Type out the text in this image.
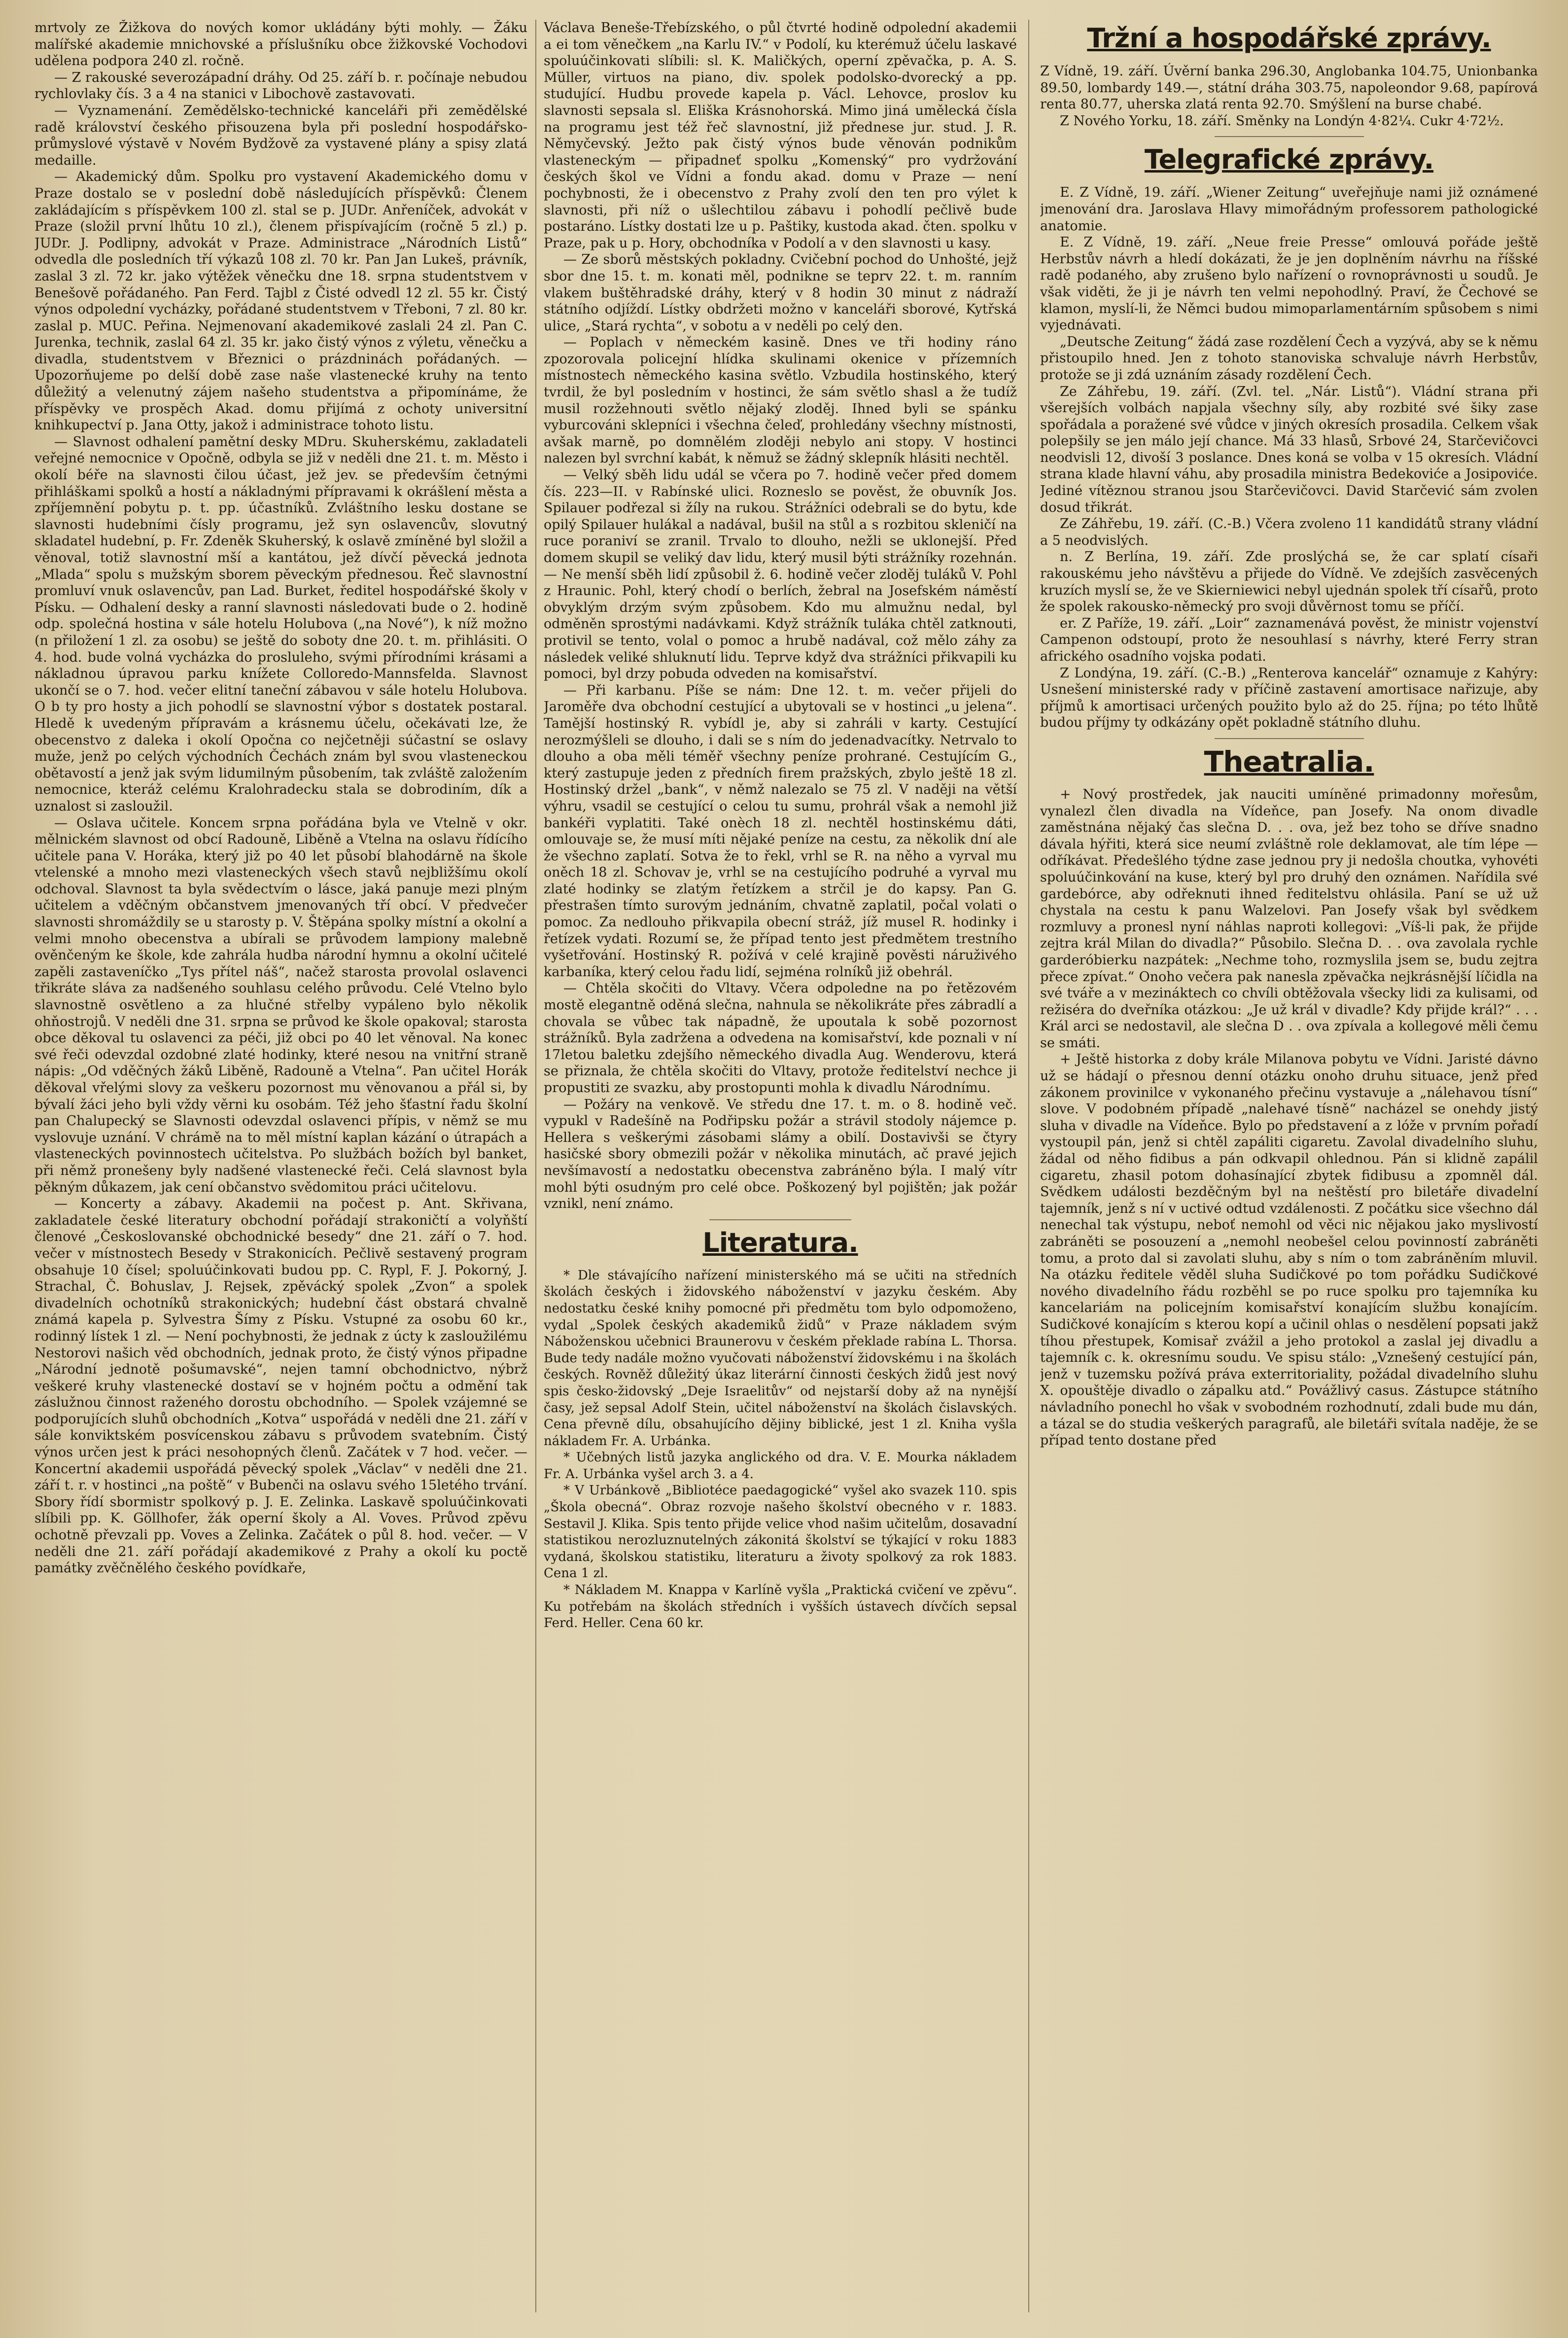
mrtvoly ze Žižkova do nových komor ukládány býti mohly. — Žáku malířské akademie mnichovské a příslušníku obce žižkovské Vochodovi udělena podpora 240 zl. ročně.

— Z rakouské severozápadní dráhy. Od 25. září b. r. počínaje nebudou rychlovlaky čís. 3 a 4 na stanici v Libochově zastavovati.

— Vyznamenání. Zemědělsko-technické kanceláři při zemědělské radě království českého přisouzena byla při poslední hospodářsko-průmyslové výstavě v Novém Bydžově za vystavené plány a spisy zlatá medaille.

— Akademický dům. Spolku pro vystavení Akademického domu v Praze dostalo se v poslední době následujících příspěvků: Členem zakládajícím s příspěvkem 100 zl. stal se p. JUDr. Anřeníček, advokát v Praze (složil první lhůtu 10 zl.), členem přispívajícím (ročně 5 zl.) p. JUDr. J. Podlipny, advokát v Praze. Administrace „Národních Listů“ odvedla dle posledních tří výkazů 108 zl. 70 kr. Pan Jan Lukeš, právník, zaslal 3 zl. 72 kr. jako výtěžek věnečku dne 18. srpna studentstvem v Benešově pořádaného. Pan Ferd. Tajbl z Čisté odvedl 12 zl. 55 kr. Čistý výnos odpolední vycházky, pořádané studentstvem v Třeboni, 7 zl. 80 kr. zaslal p. MUC. Peřina. Nejmenovaní akademikové zaslali 24 zl. Pan C. Jurenka, technik, zaslal 64 zl. 35 kr. jako čistý výnos z výletu, věnečku a divadla, studentstvem v Březnici o prázdninách pořádaných. — Upozorňujeme po delší době zase naše vlastenecké kruhy na tento důležitý a velenutný zájem našeho studentstva a připomínáme, že příspěvky ve prospěch Akad. domu přijímá z ochoty universitní knihkupectví p. Jana Otty, jakož i administrace tohoto listu.

— Slavnost odhalení pamětní desky MDru. Skuherskému, zakladateli veřejné nemocnice v Opočně, odbyla se již v neděli dne 21. t. m. Město i okolí béře na slavnosti čilou účast, jež jev. se především četnými přihláškami spolků a hostí a nákladnými přípravami k okrášlení města a zpříjemnění pobytu p. t. pp. účastníků. Zvláštního lesku dostane se slavnosti hudebními čísly programu, jež syn oslavencův, slovutný skladatel hudební, p. Fr. Zdeněk Skuherský, k oslavě zmíněné byl složil a věnoval, totiž slavnostní mší a kantátou, jež dívčí pěvecká jednota „Mlada“ spolu s mužským sborem pěveckým přednesou. Řeč slavnostní promluví vnuk oslavencův, pan Lad. Burket, ředitel hospodářské školy v Písku. — Odhalení desky a ranní slavnosti následovati bude o 2. hodině odp. společná hostina v sále hotelu Holubova („na Nové“), k níž možno (n přiložení 1 zl. za osobu) se ještě do soboty dne 20. t. m. přihlásiti. O 4. hod. bude volná vycházka do prosluleho, svými přírodními krásami a nákladnou úpravou parku knížete Colloredo-Mannsfelda. Slavnost ukončí se o 7. hod. večer elitní taneční zábavou v sále hotelu Holubova. O b ty pro hosty a jich pohodlí se slavnostní výbor s dostatek postaral. Hledě k uvedeným přípravám a krásnemu účelu, očekávati lze, že obecenstvo z daleka i okolí Opočna co nejčetněji súčastní se oslavy muže, jenž po celých východních Čechách znám byl svou vlasteneckou obětavostí a jenž jak svým lidumilným působením, tak zvláště založením nemocnice, kteráž celému Kralohradecku stala se dobrodiním, dík a uznalost si zasloužil.

— Oslava učitele. Koncem srpna pořádána byla ve Vtelně v okr. mělnickém slavnost od obcí Radouně, Liběně a Vtelna na oslavu řídícího učitele pana V. Horáka, který již po 40 let působí blahodárně na škole vtelenské a mnoho mezi vlasteneckých všech stavů nejbližšímu okolí odchoval. Slavnost ta byla svědectvím o lásce, jaká panuje mezi plným učitelem a vděčným občanstvem jmenovaných tří obcí. V předvečer slavnosti shromáždily se u starosty p. V. Štěpána spolky místní a okolní a velmi mnoho obecenstva a ubírali se průvodem lampiony malebně ověnčeným ke škole, kde zahrála hudba národní hymnu a okolní učitelé zapěli zastaveníčko „Tys přítel náš“, načež starosta provolal oslavenci třikráte sláva za nadšeného souhlasu celého průvodu. Celé Vtelno bylo slavnostně osvětleno a za hlučné střelby vypáleno bylo několik ohňostrojů. V neděli dne 31. srpna se průvod ke škole opakoval; starosta obce děkoval tu oslavenci za péči, již obci po 40 let věnoval. Na konec své řeči odevzdal ozdobné zlaté hodinky, které nesou na vnitřní straně nápis: „Od vděčných žáků Liběně, Radouně a Vtelna“. Pan učitel Horák děkoval vřelými slovy za veškeru pozornost mu věnovanou a přál si, by bývalí žáci jeho byli vždy věrni ku osobám. Též jeho šťastní řadu školní pan Chalupecký se Slavnosti odevzdal oslavenci přípis, v němž se mu vyslovuje uznání. V chrámě na to měl místní kaplan kázání o útrapách a vlasteneckých povinnostech učitelstva. Po službách božích byl banket, při němž pronešeny byly nadšené vlastenecké řeči. Celá slavnost byla pěkným důkazem, jak cení občanstvo svědomitou práci učitelovu.

— Koncerty a zábavy. Akademii na počest p. Ant. Skřivana, zakladatele české literatury obchodní pořádají strakoničtí a volyňští členové „Českoslovanské obchodnické besedy“ dne 21. září o 7. hod. večer v místnostech Besedy v Strakonicích. Pečlivě sestavený program obsahuje 10 čísel; spoluúčinkovati budou pp. C. Rypl, F. J. Pokorný, J. Strachal, Č. Bohuslav, J. Rejsek, zpěvácký spolek „Zvon“ a spolek divadelních ochotníků strakonických; hudební část obstará chvalně známá kapela p. Sylvestra Šímy z Písku. Vstupné za osobu 60 kr., rodinný lístek 1 zl. — Není pochybnosti, že jednak z úcty k zasloužilému Nestorovi našich věd obchodních, jednak proto, že čistý výnos připadne „Národní jednotě pošumavské“, nejen tamní obchodnictvo, nýbrž veškeré kruhy vlastenecké dostaví se v hojném počtu a odmění tak záslužnou činnost raženého dorostu obchodního. — Spolek vzájemné se podporujících sluhů obchodních „Kotva“ uspořádá v neděli dne 21. září v sále konviktském posvícenskou zábavu s průvodem svatebním. Čistý výnos určen jest k práci nesohopných členů. Začátek v 7 hod. večer. — Koncertní akademii uspořádá pěvecký spolek „Václav“ v neděli dne 21. září t. r. v hostinci „na poště“ v Bubenči na oslavu svého 15letého trvání. Sbory řídí sbormistr spolkový p. J. E. Zelinka. Laskavě spoluúčinkovati slíbili pp. K. Göllhofer, žák operní školy a Al. Voves. Průvod zpěvu ochotně převzali pp. Voves a Zelinka. Začátek o půl 8. hod. večer. — V neděli dne 21. září pořádají akademikové z Prahy a okolí ku poctě památky zvěčnělého českého povídkaře,

Václava Beneše-Třebízského, o půl čtvrté hodině odpolední akademii a ei tom věnečkem „na Karlu IV.“ v Podolí, ku kterémuž účelu laskavé spoluúčinkovati slíbili: sl. K. Maličkých, operní zpěvačka, p. A. S. Müller, virtuos na piano, div. spolek podolsko-dvorecký a pp. studující. Hudbu provede kapela p. Václ. Lehovce, proslov ku slavnosti sepsala sl. Eliška Krásnohorská. Mimo jiná umělecká čísla na programu jest též řeč slavnostní, již přednese jur. stud. J. R. Němyčevský. Ježto pak čistý výnos bude věnován podnikům vlasteneckým — připadneť spolku „Komenský“ pro vydržování českých škol ve Vídni a fondu akad. domu v Praze — není pochybnosti, že i obecenstvo z Prahy zvolí den ten pro výlet k slavnosti, při níž o ušlechtilou zábavu i pohodlí pečlivě bude postaráno. Lístky dostati lze u p. Paštiky, kustoda akad. čten. spolku v Praze, pak u p. Hory, obchodníka v Podolí a v den slavnosti u kasy.

— Ze sborů městských pokladny. Cvičební pochod do Unhošté, jejž sbor dne 15. t. m. konati měl, podnikne se teprv 22. t. m. ranním vlakem buštěhradské dráhy, který v 8 hodin 30 minut z nádraží státního odjíždí. Lístky obdržeti možno v kanceláři sborové, Kytřská ulice, „Stará rychta“, v sobotu a v neděli po celý den.

— Poplach v německém kasině. Dnes ve tři hodiny ráno zpozorovala policejní hlídka skulinami okenice v přízemních místnostech německého kasina světlo. Vzbudila hostinského, který tvrdil, že byl posledním v hostinci, že sám světlo shasl a že tudíž musil rozžehnouti světlo nějaký zloděj. Ihned byli se spánku vyburcováni sklepníci i všechna čeleď, prohledány všechny místnosti, avšak marně, po domnělém zloději nebylo ani stopy. V hostinci nalezen byl svrchní kabát, k němuž se žádný sklepník hlásiti nechtěl.

— Velký sběh lidu udál se včera po 7. hodině večer před domem čís. 223—II. v Rabínské ulici. Rozneslo se pověst, že obuvník Jos. Spilauer podřezal si žíly na rukou. Strážníci odebrali se do bytu, kde opilý Spilauer hulákal a nadával, bušil na stůl a s rozbitou skleničí na ruce poraniví se zranil. Trvalo to dlouho, nežli se uklonejší. Před domem skupil se veliký dav lidu, který musil býti strážníky rozehnán. — Ne menší sběh lidí způsobil ž. 6. hodině večer zloděj tuláků V. Pohl z Hraunic. Pohl, který chodí o berlích, žebral na Josefském náměstí obvyklým drzým svým způsobem. Kdo mu almužnu nedal, byl odměněn sprostými nadávkami. Když strážník tuláka chtěl zatknouti, protivil se tento, volal o pomoc a hrubě nadával, což mělo záhy za následek veliké shluknutí lidu. Teprve když dva strážníci přikvapili ku pomoci, byl drzy pobuda odveden na komisařství.

— Při karbanu. Píše se nám: Dne 12. t. m. večer přijeli do Jaroměře dva obchodní cestující a ubytovali se v hostinci „u jelena“. Tamější hostinský R. vybídl je, aby si zahráli v karty. Cestující nerozmýšleli se dlouho, i dali se s ním do jedenadvacítky. Netrvalo to dlouho a oba měli téměř všechny peníze prohrané. Cestujícím G., který zastupuje jeden z předních firem pražských, zbylo ještě 18 zl. Hostinský držel „bank“, v němž nalezalo se 75 zl. V naději na větší výhru, vsadil se cestující o celou tu sumu, prohrál však a nemohl již bankéři vyplatiti. Také onèch 18 zl. nechtěl hostinskému dáti, omlouvaje se, že musí míti nějaké peníze na cestu, za několik dní ale že všechno zaplatí. Sotva že to řekl, vrhl se R. na něho a vyrval mu oněch 18 zl. Schovav je, vrhl se na cestujícího podruhé a vyrval mu zlaté hodinky se zlatým řetízkem a strčil je do kapsy. Pan G. přestrašen tímto surovým jednáním, chvatně zaplatil, počal volati o pomoc. Za nedlouho přikvapila obecní stráž, jíž musel R. hodinky i řetízek vydati. Rozumí se, že případ tento jest předmětem trestního vyšetřování. Hostinský R. požívá v celé krajině pověsti náruživého karbaníka, který celou řadu lidí, sejména rolníků již obehrál.

— Chtěla skočiti do Vltavy. Včera odpoledne na po řetězovém mostě elegantně oděná slečna, nahnula se několikráte přes zábradlí a chovala se vůbec tak nápadně, že upoutala k sobě pozornost strážníků. Byla zadržena a odvedena na komisařství, kde poznali v ní 17letou baletku zdejšího německého divadla Aug. Wenderovu, která se přiznala, že chtěla skočiti do Vltavy, protože ředitelství nechce ji propustiti ze svazku, aby prostopunti mohla k divadlu Národnímu.

— Požáry na venkově. Ve středu dne 17. t. m. o 8. hodině več. vypukl v Radešíně na Podřipsku požár a strávil stodoly nájemce p. Hellera s veškerými zásobami slámy a obilí. Dostavivši se čtyry hasičské sbory obmezili požár v několika minutách, ač pravé jejich nevšímavostí a nedostatku obecenstva zabráněno býla. I malý vítr mohl býti osudným pro celé obce. Poškozený byl pojištěn; jak požár vznikl, není známo.

Literatura.

* Dle stávajícího nařízení ministerského má se učiti na středních školách českých i židovského náboženství v jazyku českém. Aby nedostatku české knihy pomocné při předmětu tom bylo odpomoženo, vydal „Spolek českých akademiků židů“ v Praze nákladem svým Náboženskou učebnici Braunerovu v českém překlade rabína L. Thorsa. Bude tedy nadále možno vyučovati náboženství židovskému i na školách českých. Rovněž důležitý úkaz literární činnosti českých židů jest nový spis česko-židovský „Deje Israelitův“ od nejstarší doby až na nynější časy, jež sepsal Adolf Stein, učitel náboženství na školách čislavských. Cena převně dílu, obsahujícího dějiny biblické, jest 1 zl. Kniha vyšla nákladem Fr. A. Urbánka.

* Učebných listů jazyka anglického od dra. V. E. Mourka nákladem Fr. A. Urbánka vyšel arch 3. a 4.

* V Urbánkově „Bibliotéce paedagogické“ vyšel ako svazek 110. spis „Škola obecná“. Obraz rozvoje našeho školství obecného v r. 1883. Sestavil J. Klika. Spis tento přijde velice vhod našim učitelům, dosavadní statistikou nerozluznutelných zákonitá školství se týkající v roku 1883 vydaná, školskou statistiku, literaturu a životy spolkový za rok 1883. Cena 1 zl.

* Nákladem M. Knappa v Karlíně vyšla „Praktická cvičení ve zpěvu“. Ku potřebám na školách středních i vyšších ústavech dívčích sepsal Ferd. Heller. Cena 60 kr.

Tržní a hospodářské zprávy.

Z Vídně, 19. září. Úvěrní banka 296.30, Anglobanka 104.75, Unionbanka 89.50, lombardy 149.—, státní dráha 303.75, napoleondor 9.68, papírová renta 80.77, uherska zlatá renta 92.70. Smýšlení na burse chabé.

Z Nového Yorku, 18. září. Směnky na Londýn 4·82¼. Cukr 4·72½.

Telegrafické zprávy.

E. Z Vídně, 19. září. „Wiener Zeitung“ uveřejňuje nami již oznámené jmenování dra. Jaroslava Hlavy mimořádným professorem pathologické anatomie.

E. Z Vídně, 19. září. „Neue freie Presse“ omlouvá pořáde ještě Herbstův návrh a hledí dokázati, že je jen doplněním návrhu na říšské radě podaného, aby zrušeno bylo nařízení o rovnoprávnosti u soudů. Je však viděti, že ji je návrh ten velmi nepohodlný. Praví, že Čechové se klamon, myslí-li, že Němci budou mimoparlamentárním spůsobem s nimi vyjednávati.

„Deutsche Zeitung“ žádá zase rozdělení Čech a vyzývá, aby se k němu přistoupilo hned. Jen z tohoto stanoviska schvaluje návrh Herbstův, protože se ji zdá uznáním zásady rozdělení Čech.

Ze Záhřebu, 19. září. (Zvl. tel. „Nár. Listů“). Vládní strana při všerejších volbách napjala všechny síly, aby rozbité své šiky zase spořádala a poražené své vůdce v jiných okresích prosadila. Celkem však polepšily se jen málo její chance. Má 33 hlasů, Srbové 24, Starčevičovci neodvisli 12, divoší 3 poslance. Dnes koná se volba v 15 okresích. Vládní strana klade hlavní váhu, aby prosadila ministra Bedekoviće a Josipoviće. Jediné vítěznou stranou jsou Starčevičovci. David Starčević sám zvolen dosud třikrát.

Ze Záhřebu, 19. září. (C.-B.) Včera zvoleno 11 kandidátů strany vládní a 5 neodvislých.

n. Z Berlína, 19. září. Zde proslýchá se, že car splatí císaři rakouskému jeho návštěvu a přijede do Vídně. Ve zdejších zasvěcených kruzích myslí se, že ve Skierniewici nebyl ujednán spolek tří císařů, proto že spolek rakousko-německý pro svoji důvěrnost tomu se příčí.

er. Z Paříže, 19. září. „Loir“ zaznamenává pověst, že ministr vojenství Campenon odstoupí, proto že nesouhlasí s návrhy, které Ferry stran afrického osadního vojska podati.

Z Londýna, 19. září. (C.-B.) „Renterova kancelář“ oznamuje z Kahýry: Usnešení ministerské rady v příčině zastavení amortisace nařizuje, aby příjmů k amortisaci určených použito bylo až do 25. října; po této lhůtě budou příjmy ty odkázány opět pokladně státního dluhu.

Theatralia.

+ Nový prostředek, jak nauciti umíněné primadonny mořesům, vynalezl člen divadla na Vídeňce, pan Josefy. Na onom divadle zaměstnána nějaký čas slečna D. . . ova, jež bez toho se dříve snadno dávala hýřiti, která sice neumí zvláštně role deklamovat, ale tím lépe — odříkávat. Předešlého týdne zase jednou pry ji nedošla choutka, vyhovéti spoluúčinkování na kuse, který byl pro druhý den oznámen. Nařídila své gardebórce, aby odřeknuti ihned ředitelstvu ohlásila. Paní se už už chystala na cestu k panu Walzelovi. Pan Josefy však byl svědkem rozmluvy a pronesl nyní náhlas naproti kollegovi: „Víš-li pak, že přijde zejtra král Milan do divadla?“ Působilo. Slečna D. . . ova zavolala rychle garderóbierku nazpátek: „Nechme toho, rozmyslila jsem se, budu zejtra přece zpívat.“ Onoho večera pak nanesla zpěvačka nejkrásnější líčidla na své tváře a v mezináktech co chvíli obtěžovala všecky lidi za kulisami, od režiséra do dveřníka otázkou: „Je už král v divadle? Kdy přijde král?“ . . . Král arci se nedostavil, ale slečna D . . ova zpívala a kollegové měli čemu se smáti.

+ Ještě historka z doby krále Milanova pobytu ve Vídni. Jaristé dávno už se hádají o přesnou denní otázku onoho druhu situace, jenž před zákonem provinilce v vykonaného přečinu vystavuje a „nálehavou tísní“ slove. V podobném případě „nalehavé tísně“ nacházel se onehdy jistý sluha v divadle na Vídeňce. Bylo po představení a z lóže v prvním pořadí vystoupil pán, jenž si chtěl zapáliti cigaretu. Zavolal divadelního sluhu, žádal od něho fidibus a pán odkvapil ohlednou. Pán si klidně zapálil cigaretu, zhasil potom dohasínající zbytek fidibusu a zpomněl dál. Svědkem události bezděčným byl na neštěstí pro biletáře divadelní tajemník, jenž s ní v uctivé odtud vzdálenosti. Z počátku sice všechno dál nenechal tak výstupu, neboť nemohl od věci nic nějakou jako myslivostí zabráněti se posouzení a „nemohl neobešel celou povinností zabráněti tomu, a proto dal si zavolati sluhu, aby s ním o tom zabráněním mluvil. Na otázku ředitele věděl sluha Sudičkové po tom pořádku Sudičkové nového divadelního řádu rozběhl se po ruce spolku pro tajemníka ku kancelariám na policejním komisařství konajícím službu konajícím. Sudičkové konajícím s kterou kopí a učinil ohlas o nesdělení popsati jakž tíhou přestupek, Komisař zvážil a jeho protokol a zaslal jej divadlu a tajemník c. k. okresnímu soudu. Ve spisu stálo: „Vznešený cestující pán, jenž v tuzemsku požívá práva exterritoriality, požádal divadelního sluhu X. opouštěje divadlo o zápalku atd.“ Povážlivý casus. Zástupce státního návladního ponechl ho však v svobodném rozhodnutí, zdali bude mu dán, a tázal se do studia veškerých paragrafů, ale biletáři svítala naděje, že se případ tento dostane před
